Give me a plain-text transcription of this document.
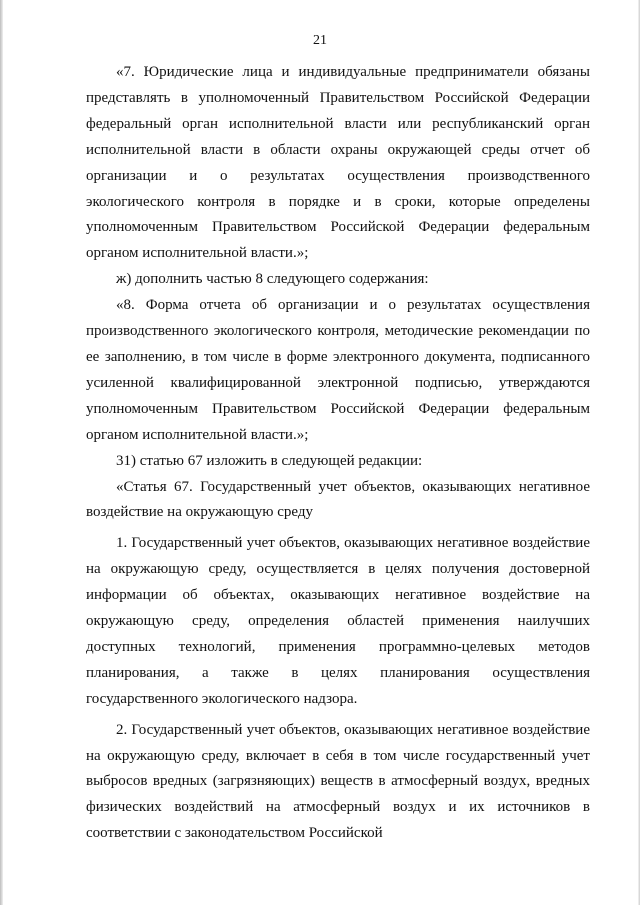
21

«7. Юридические лица и индивидуальные предприниматели обязаны представлять в уполномоченный Правительством Российской Федерации федеральный орган исполнительной власти или республиканский орган исполнительной власти в области охраны окружающей среды отчет об организации и о результатах осуществления производственного экологического контроля в порядке и в сроки, которые определены уполномоченным Правительством Российской Федерации федеральным органом исполнительной власти.»;

ж) дополнить частью 8 следующего содержания:

«8. Форма отчета об организации и о результатах осуществления производственного экологического контроля, методические рекомендации по ее заполнению, в том числе в форме электронного документа, подписанного усиленной квалифицированной электронной подписью, утверждаются уполномоченным Правительством Российской Федерации федеральным органом исполнительной власти.»;

31) статью 67 изложить в следующей редакции:

«Статья 67. Государственный учет объектов, оказывающих негативное воздействие на окружающую среду

1. Государственный учет объектов, оказывающих негативное воздействие на окружающую среду, осуществляется в целях получения достоверной информации об объектах, оказывающих негативное воздействие на окружающую среду, определения областей применения наилучших доступных технологий, применения программно-целевых методов планирования, а также в целях планирования осуществления государственного экологического надзора.

2. Государственный учет объектов, оказывающих негативное воздействие на окружающую среду, включает в себя в том числе государственный учет выбросов вредных (загрязняющих) веществ в атмосферный воздух, вредных физических воздействий на атмосферный воздух и их источников в соответствии с законодательством Российской
